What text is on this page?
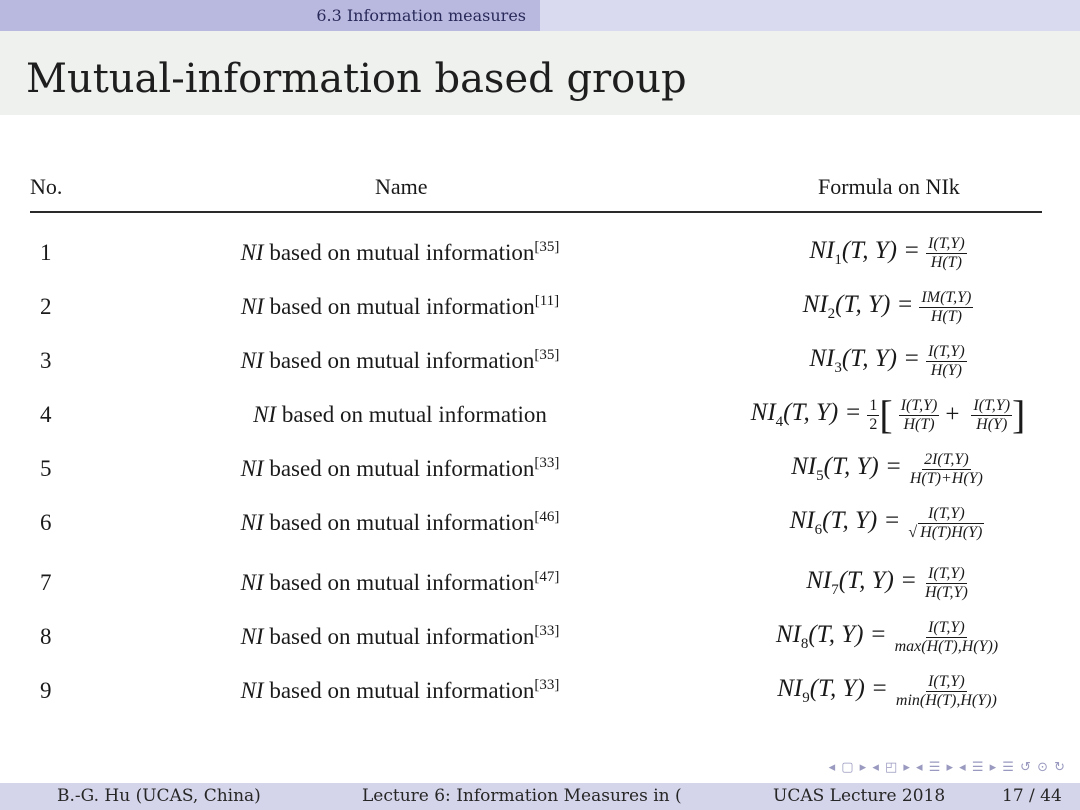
6.3 Information measures
Mutual-information based group
No.	Name	Formula on NIk
1	NI based on mutual information[35]	$NI_1(T$, $Y) = \frac{I(T,Y)}{H(T)}$
2	NI based on mutual information[11]	$NI_2(T$, $Y) = \frac{IM(T,Y)}{H(T)}$
3	NI based on mutual information[35]	$NI_3(T$, $Y) = \frac{I(T,Y)}{H(Y)}$
4	NI based on mutual information	$NI_4(T$, $Y) = \frac{1}{2}$ [ $\frac{I(T,Y)}{H(T)} + \frac{I(T,Y)}{H(Y)}$ ]
5	NI based on mutual information[33]	$NI_5(T$, $Y) = \frac{2I(T,Y)}{H(T)+H(Y)}$
6	NI based on mutual information[46]	$NI_6(T$, $Y) = \frac{I(T,Y)}{√ H(T)H(Y)}$
7	NI based on mutual information[47]	$NI_7(T$, $Y) = \frac{I(T,Y)}{H(T,Y)}$
8	NI based on mutual information[33]	$NI_8(T$, $Y) = \frac{I(T,Y)}{\max(H(T),H(Y))}$
9	NI based on mutual information[33]	$NI_9(T$, $Y) = \frac{I(T,Y)}{\min(H(T),H(Y))}$
◂ ▢ ▸ ◂ ◰ ▸ ◂ ☰ ▸ ◂ ☰ ▸ ☰ ↺ ⊙ ↻
B.-G. Hu (UCAS, China)	Lecture 6: Information Measures in (	UCAS Lecture 2018	17 / 44
